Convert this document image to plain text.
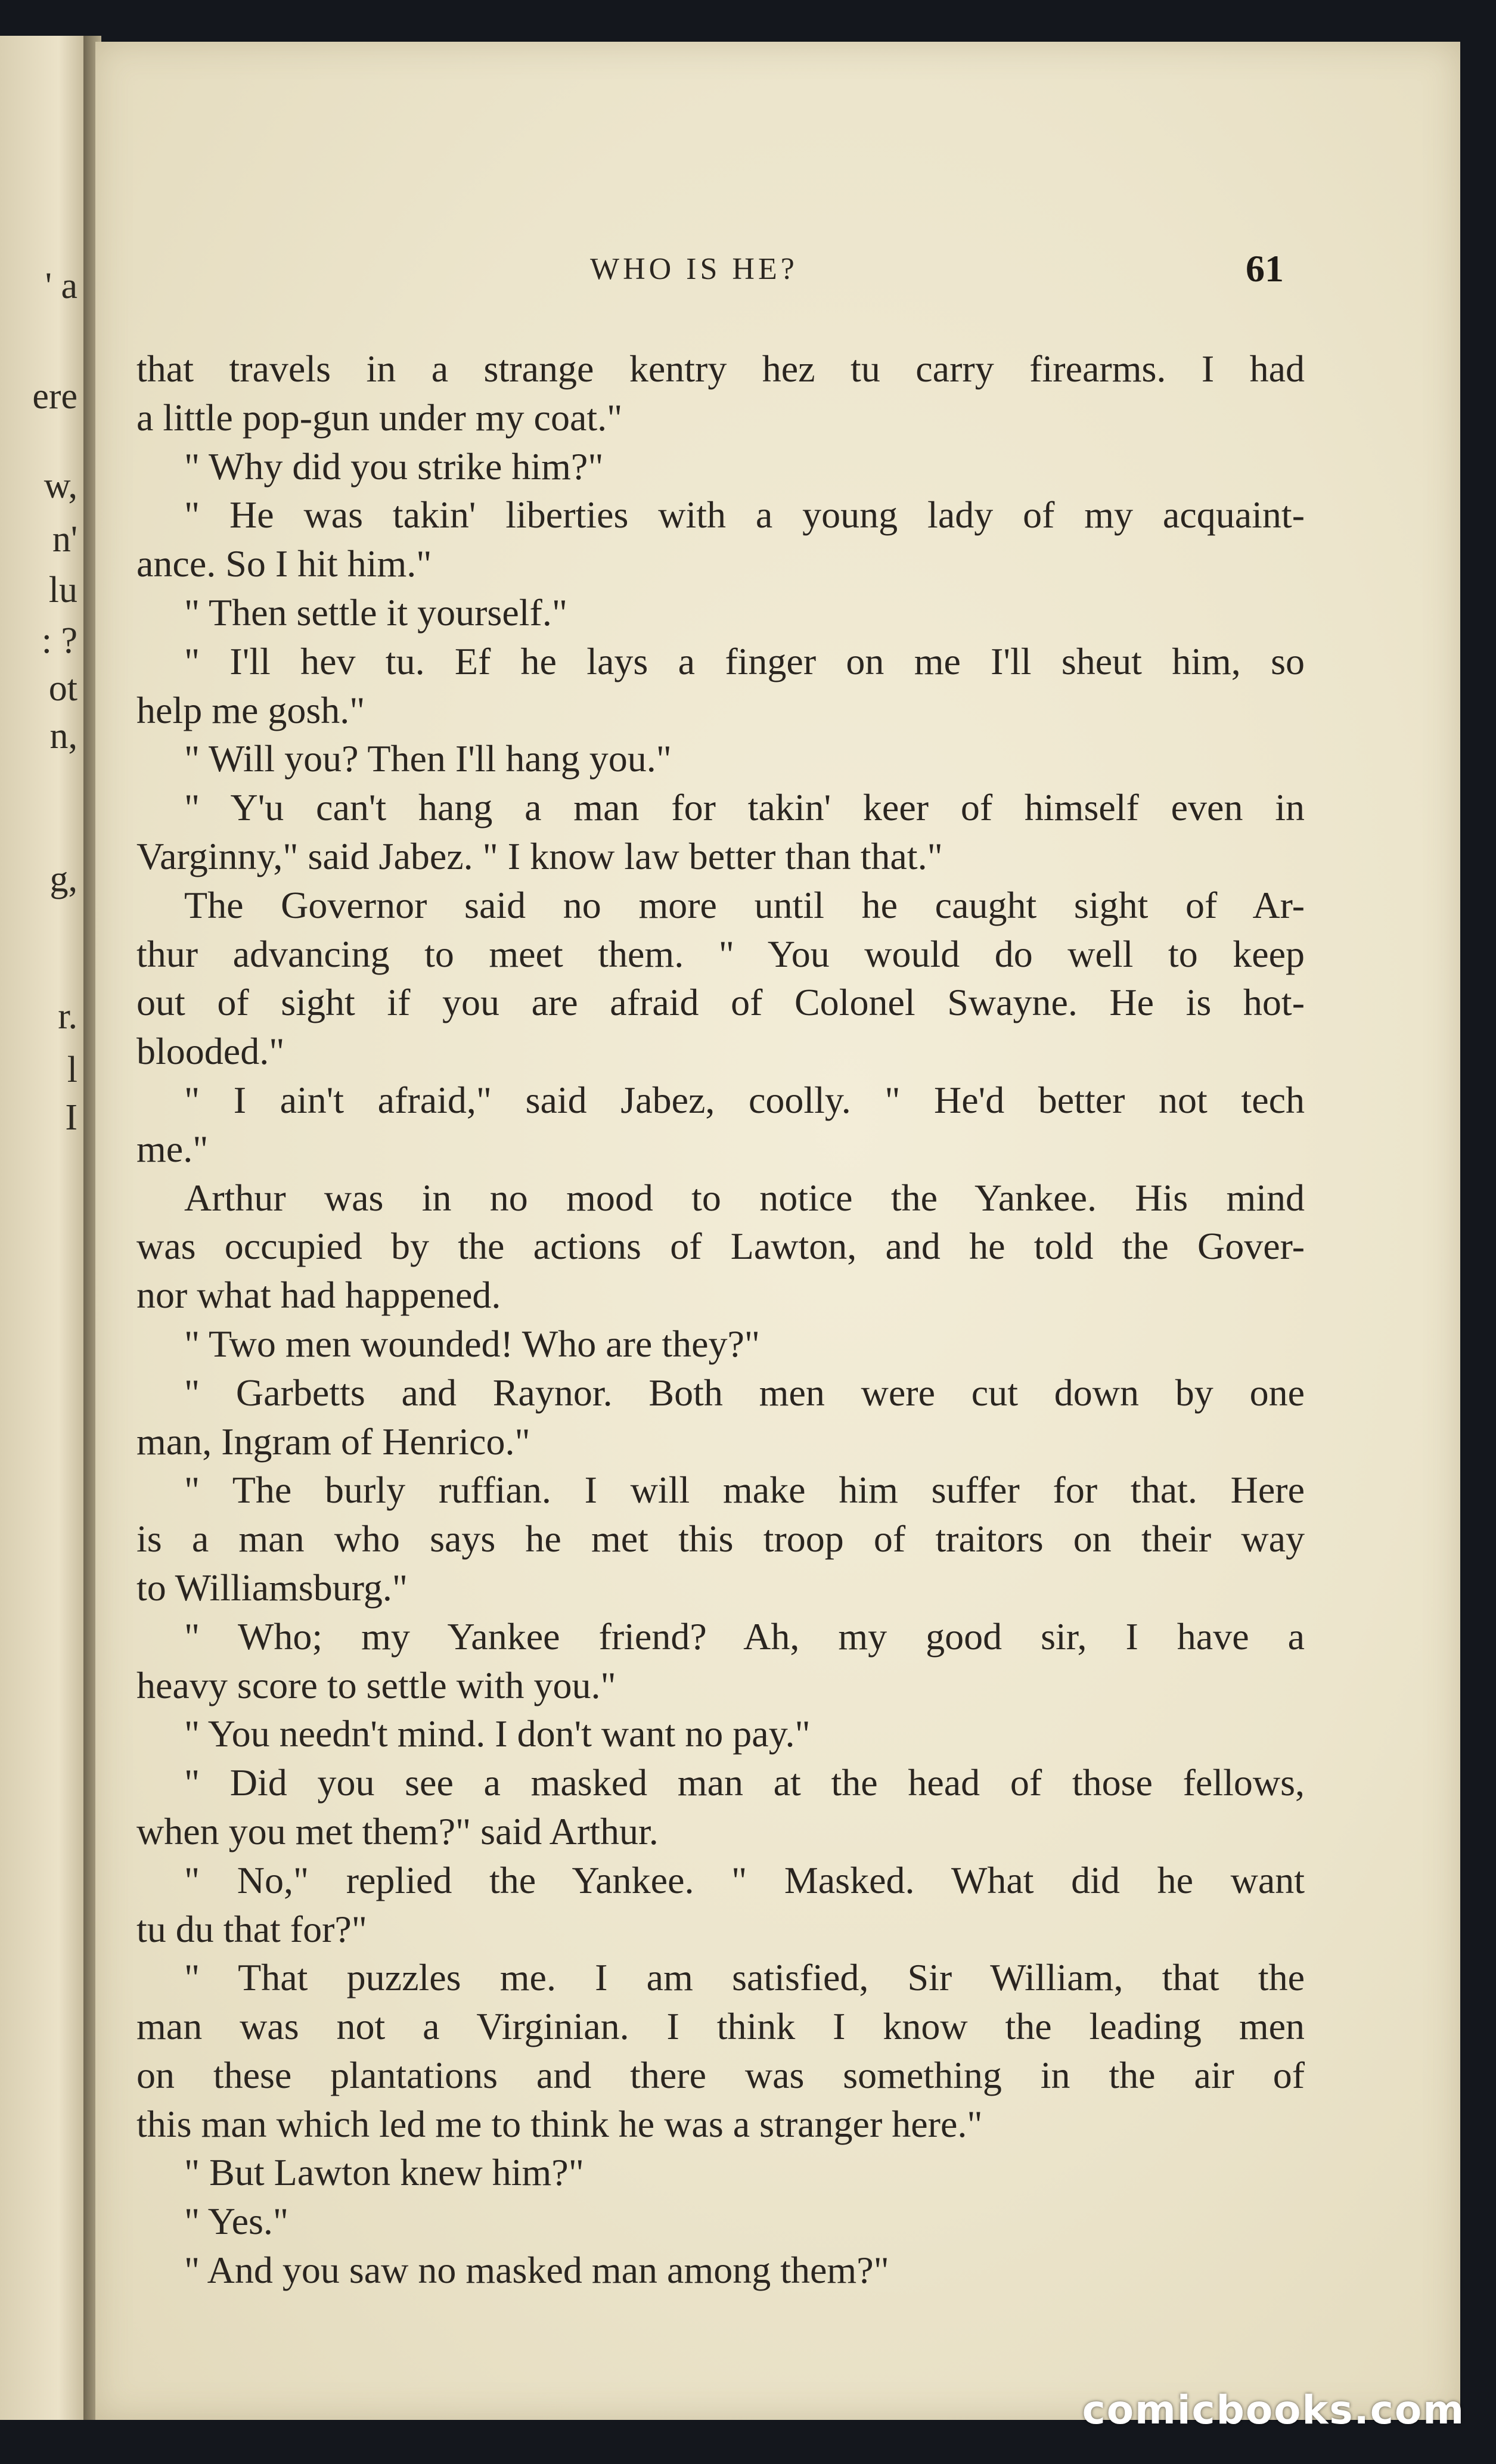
' a
ere
w,
n'
lu
: ?
ot
n,
g,
r.
l
I
WHO IS HE?	61
that travels in a strange kentry hez tu carry firearms. I had
a little pop-gun under my coat."
" Why did you strike him?"
" He was takin' liberties with a young lady of my acquaint-
ance. So I hit him."
" Then settle it yourself."
" I'll hev tu. Ef he lays a finger on me I'll sheut him, so
help me gosh."
" Will you? Then I'll hang you."
" Y'u can't hang a man for takin' keer of himself even in
Varginny," said Jabez. " I know law better than that."
The Governor said no more until he caught sight of Ar-
thur advancing to meet them. " You would do well to keep
out of sight if you are afraid of Colonel Swayne. He is hot-
blooded."
" I ain't afraid," said Jabez, coolly. " He'd better not tech
me."
Arthur was in no mood to notice the Yankee. His mind
was occupied by the actions of Lawton, and he told the Gover-
nor what had happened.
" Two men wounded! Who are they?"
" Garbetts and Raynor. Both men were cut down by one
man, Ingram of Henrico."
" The burly ruffian. I will make him suffer for that. Here
is a man who says he met this troop of traitors on their way
to Williamsburg."
" Who; my Yankee friend? Ah, my good sir, I have a
heavy score to settle with you."
" You needn't mind. I don't want no pay."
" Did you see a masked man at the head of those fellows,
when you met them?" said Arthur.
" No," replied the Yankee. " Masked. What did he want
tu du that for?"
" That puzzles me. I am satisfied, Sir William, that the
man was not a Virginian. I think I know the leading men
on these plantations and there was something in the air of
this man which led me to think he was a stranger here."
" But Lawton knew him?"
" Yes."
" And you saw no masked man among them?"
comicbooks.com
